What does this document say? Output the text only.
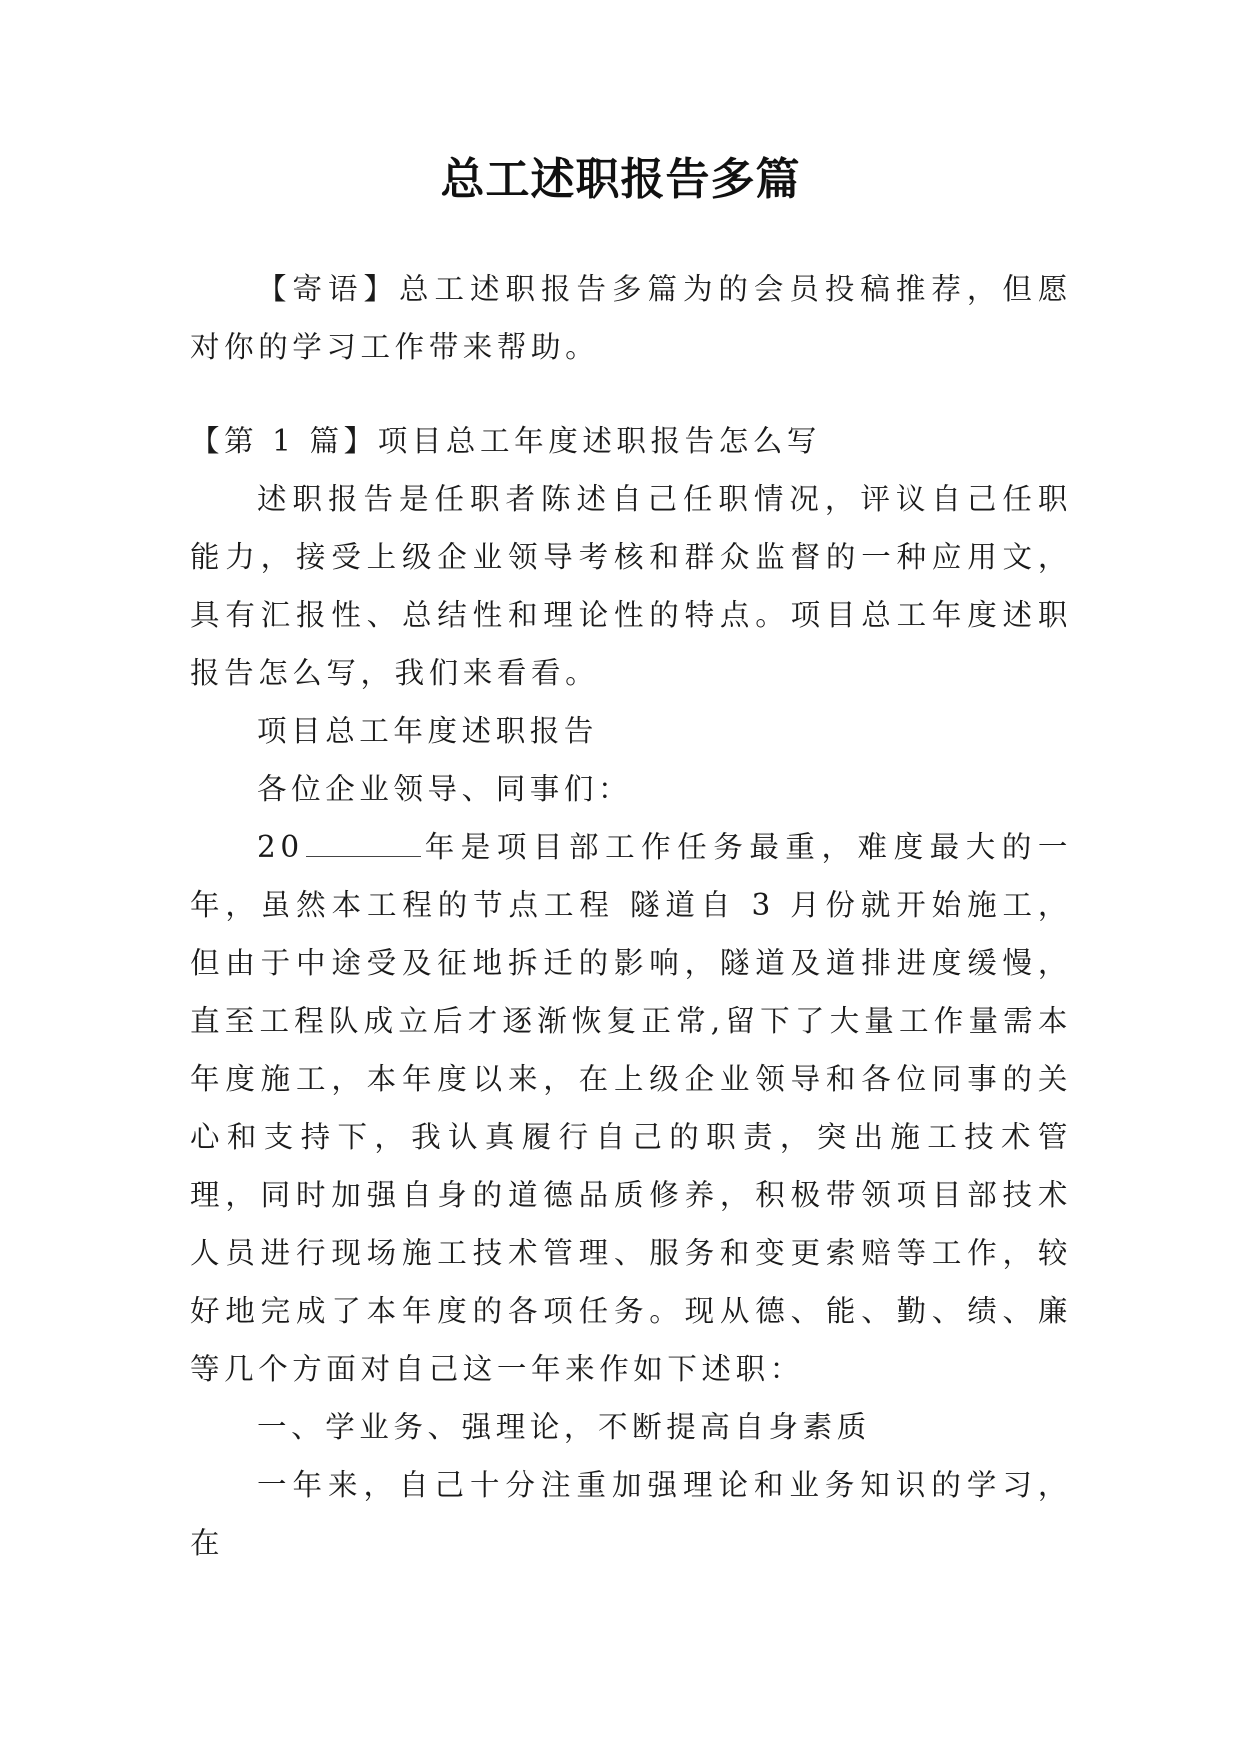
总工述职报告多篇

【寄语】总工述职报告多篇为的会员投稿推荐，但愿对你的学习工作带来帮助。

【第 1 篇】项目总工年度述职报告怎么写

述职报告是任职者陈述自己任职情况，评议自己任职能力，接受上级企业领导考核和群众监督的一种应用文，具有汇报性、总结性和理论性的特点。项目总工年度述职报告怎么写，我们来看看。

项目总工年度述职报告

各位企业领导、同事们：

20	年是项目部工作任务最重，难度最大的一年，虽然本工程的节点工程 隧道自 3 月份就开始施工，但由于中途受及征地拆迁的影响，隧道及道排进度缓慢，直至工程队成立后才逐渐恢复正常,留下了大量工作量需本年度施工，本年度以来，在上级企业领导和各位同事的关心和支持下，我认真履行自己的职责，突出施工技术管理，同时加强自身的道德品质修养，积极带领项目部技术人员进行现场施工技术管理、服务和变更索赔等工作，较好地完成了本年度的各项任务。现从德、能、勤、绩、廉等几个方面对自己这一年来作如下述职：

一、学业务、强理论，不断提高自身素质

一年来，自己十分注重加强理论和业务知识的学习，在
